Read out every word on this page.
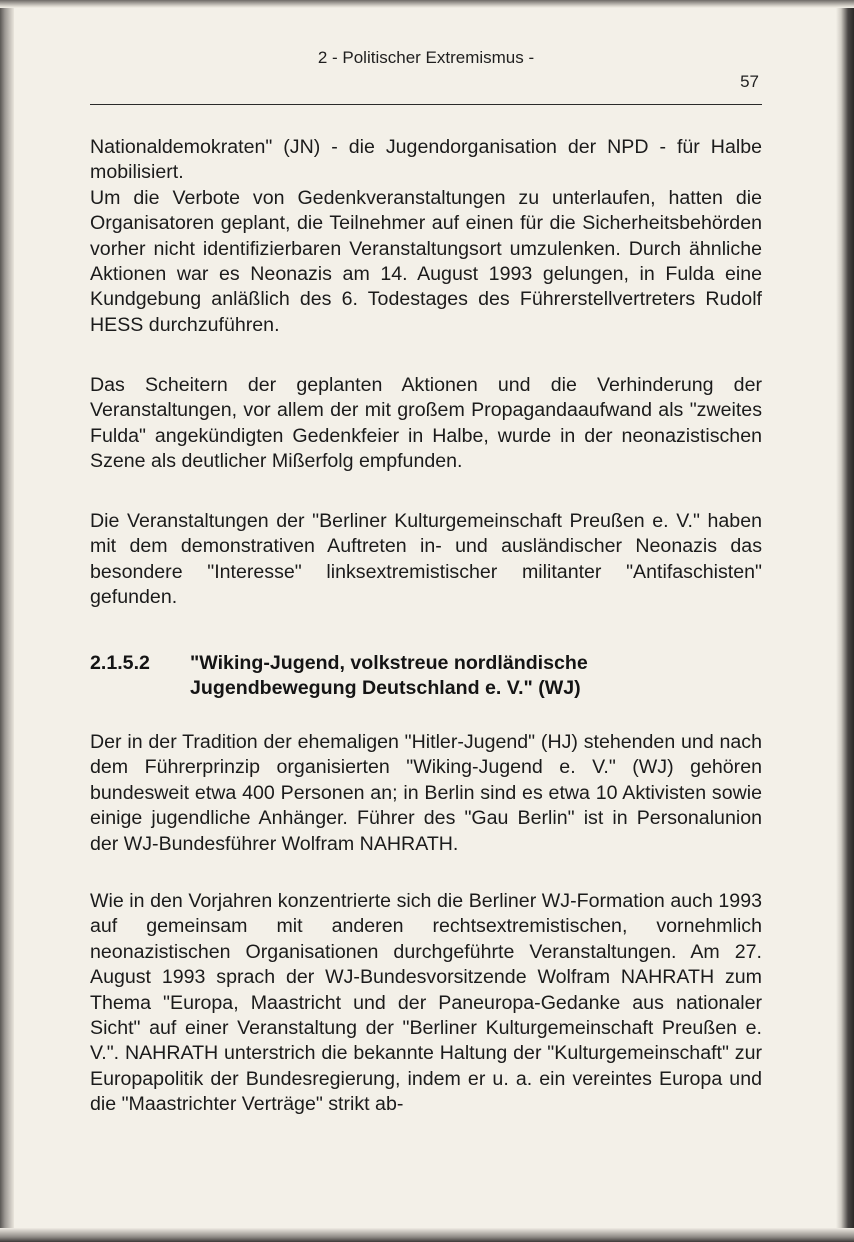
2 - Politischer Extremismus -
57

Nationaldemokraten" (JN) - die Jugendorganisation der NPD - für Halbe mobilisiert.

Um die Verbote von Gedenkveranstaltungen zu unterlaufen, hatten die Organisatoren geplant, die Teilnehmer auf einen für die Sicherheitsbehörden vorher nicht identifizierbaren Veranstaltungsort umzulenken. Durch ähnliche Aktionen war es Neonazis am 14. August 1993 gelungen, in Fulda eine Kundgebung anläßlich des 6. Todestages des Führerstellvertreters Rudolf HESS durchzuführen.

Das Scheitern der geplanten Aktionen und die Verhinderung der Veranstaltungen, vor allem der mit großem Propagandaaufwand als "zweites Fulda" angekündigten Gedenkfeier in Halbe, wurde in der neonazistischen Szene als deutlicher Mißerfolg empfunden.

Die Veranstaltungen der "Berliner Kulturgemeinschaft Preußen e. V." haben mit dem demonstrativen Auftreten in- und ausländischer Neonazis das besondere "Interesse" linksextremistischer militanter "Antifaschisten" gefunden.

2.1.5.2 "Wiking-Jugend, volkstreue nordländische Jugendbewegung Deutschland e. V." (WJ)

Der in der Tradition der ehemaligen "Hitler-Jugend" (HJ) stehenden und nach dem Führerprinzip organisierten "Wiking-Jugend e. V." (WJ) gehören bundesweit etwa 400 Personen an; in Berlin sind es etwa 10 Aktivisten sowie einige jugendliche Anhänger. Führer des "Gau Berlin" ist in Personalunion der WJ-Bundesführer Wolfram NAHRATH.

Wie in den Vorjahren konzentrierte sich die Berliner WJ-Formation auch 1993 auf gemeinsam mit anderen rechtsextremistischen, vornehmlich neonazistischen Organisationen durchgeführte Veranstaltungen. Am 27. August 1993 sprach der WJ-Bundesvorsitzende Wolfram NAHRATH zum Thema "Europa, Maastricht und der Paneuropa-Gedanke aus nationaler Sicht" auf einer Veranstaltung der "Berliner Kulturgemeinschaft Preußen e. V.". NAHRATH unterstrich die bekannte Haltung der "Kulturgemeinschaft" zur Europapolitik der Bundesregierung, indem er u. a. ein vereintes Europa und die "Maastrichter Verträge" strikt ab-
